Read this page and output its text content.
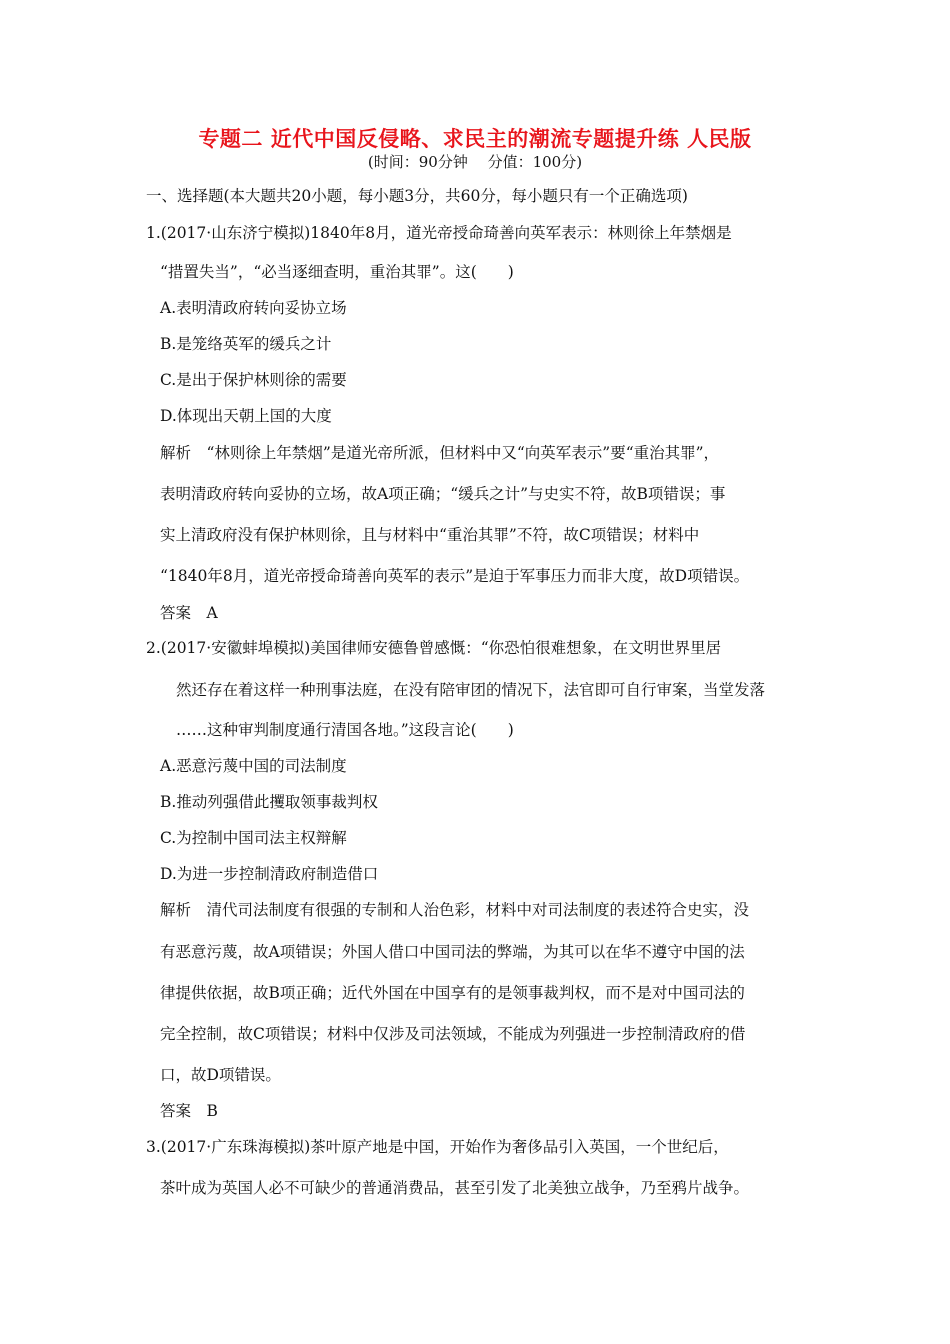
专题二 近代中国反侵略、求民主的潮流专题提升练 人民版
(时间：90分钟　 分值：100分)
一、选择题(本大题共20小题，每小题3分，共60分，每小题只有一个正确选项)
1.(2017·山东济宁模拟)1840年8月，道光帝授命琦善向英军表示：林则徐上年禁烟是
“措置失当”，“必当逐细查明，重治其罪”。这(　　)
A.表明清政府转向妥协立场
B.是笼络英军的缓兵之计
C.是出于保护林则徐的需要
D.体现出天朝上国的大度
解析　“林则徐上年禁烟”是道光帝所派，但材料中又“向英军表示”要“重治其罪”，
表明清政府转向妥协的立场，故A项正确；“缓兵之计”与史实不符，故B项错误；事
实上清政府没有保护林则徐，且与材料中“重治其罪”不符，故C项错误；材料中
“1840年8月，道光帝授命琦善向英军的表示”是迫于军事压力而非大度，故D项错误。
答案　A
2.(2017·安徽蚌埠模拟)美国律师安德鲁曾感慨：“你恐怕很难想象，在文明世界里居
然还存在着这样一种刑事法庭，在没有陪审团的情况下，法官即可自行审案，当堂发落
……这种审判制度通行清国各地。”这段言论(　　)
A.恶意污蔑中国的司法制度
B.推动列强借此攫取领事裁判权
C.为控制中国司法主权辩解
D.为进一步控制清政府制造借口
解析　清代司法制度有很强的专制和人治色彩，材料中对司法制度的表述符合史实，没
有恶意污蔑，故A项错误；外国人借口中国司法的弊端，为其可以在华不遵守中国的法
律提供依据，故B项正确；近代外国在中国享有的是领事裁判权，而不是对中国司法的
完全控制，故C项错误；材料中仅涉及司法领域，不能成为列强进一步控制清政府的借
口，故D项错误。
答案　B
3.(2017·广东珠海模拟)茶叶原产地是中国，开始作为奢侈品引入英国，一个世纪后，
茶叶成为英国人必不可缺少的普通消费品，甚至引发了北美独立战争，乃至鸦片战争。
